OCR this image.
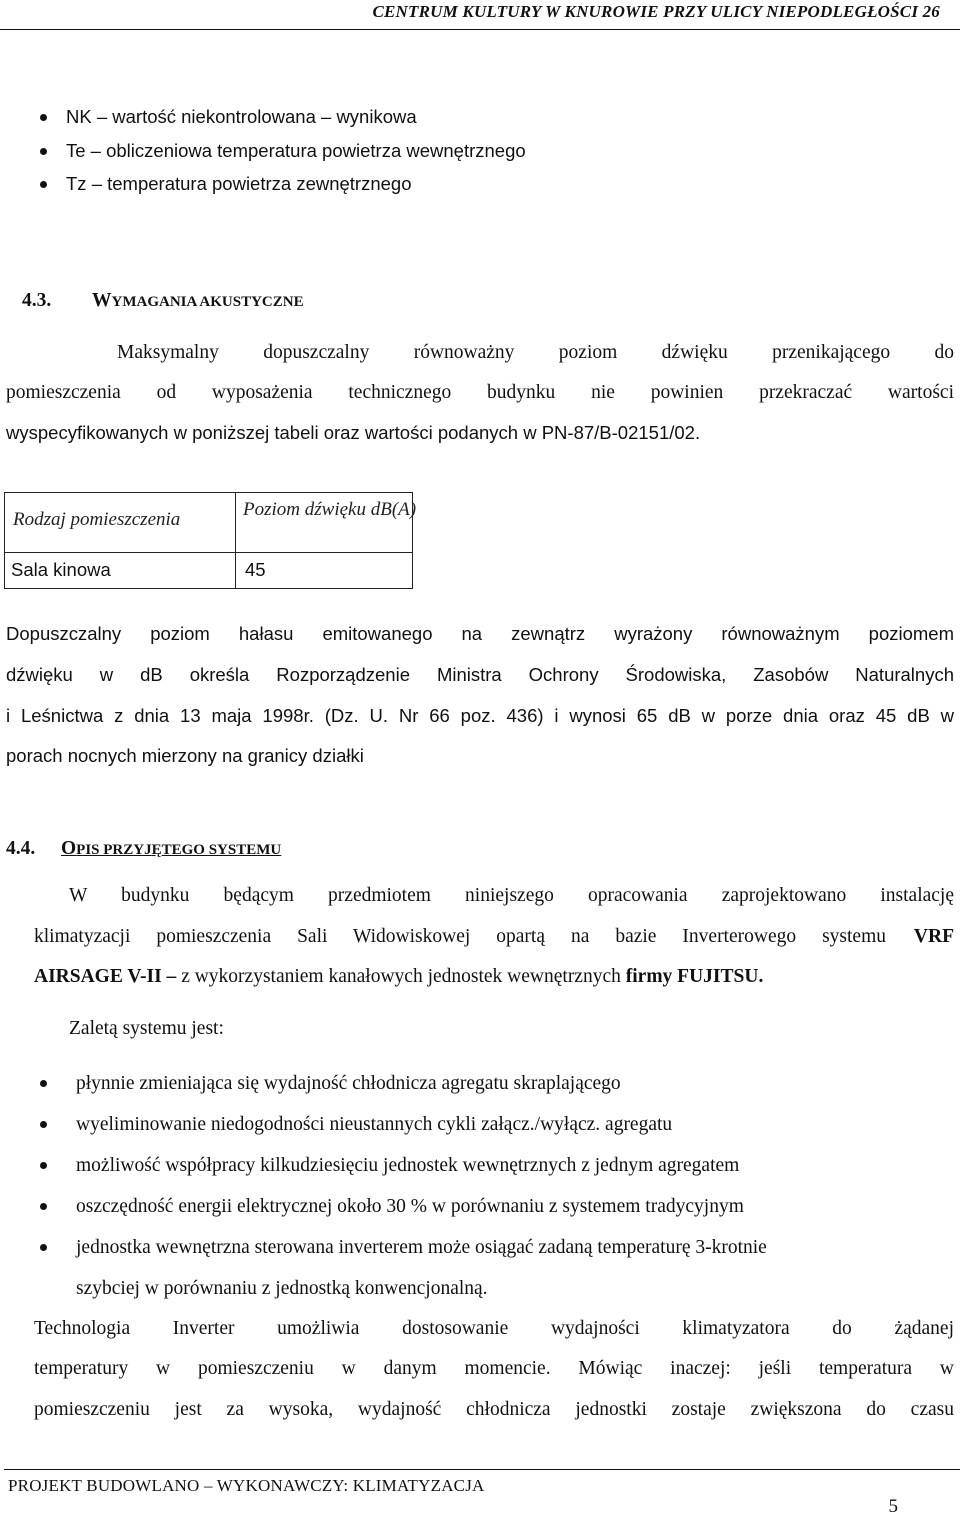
CENTRUM KULTURY W KNUROWIE PRZY ULICY NIEPODLEGŁOŚCI 26
NK – wartość niekontrolowana – wynikowa
Te – obliczeniowa temperatura powietrza wewnętrznego
Tz – temperatura powietrza zewnętrznego
4.3. WYMAGANIA AKUSTYCZNE
Maksymalny dopuszczalny równoważny poziom dźwięku przenikającego do
pomieszczenia od wyposażenia technicznego budynku nie powinien przekraczać wartości
wyspecyfikowanych w poniższej tabeli oraz wartości podanych w PN-87/B-02151/02.
Rodzaj pomieszczenia	Poziom dźwięku dB(A)
Sala kinowa	45
Dopuszczalny poziom hałasu emitowanego na zewnątrz wyrażony równoważnym poziomem
dźwięku w dB określa Rozporządzenie Ministra Ochrony Środowiska, Zasobów Naturalnych
i Leśnictwa z dnia 13 maja 1998r. (Dz. U. Nr 66 poz. 436) i wynosi 65 dB w porze dnia oraz 45 dB w
porach nocnych mierzony na granicy działki
4.4. OPIS PRZYJĘTEGO SYSTEMU
W budynku będącym przedmiotem niniejszego opracowania zaprojektowano instalację
klimatyzacji pomieszczenia Sali Widowiskowej opartą na bazie Inverterowego systemu VRF
AIRSAGE V-II – z wykorzystaniem kanałowych jednostek wewnętrznych firmy FUJITSU.
Zaletą systemu jest:
płynnie zmieniająca się wydajność chłodnicza agregatu skraplającego
wyeliminowanie niedogodności nieustannych cykli załącz./wyłącz. agregatu
możliwość współpracy kilkudziesięciu jednostek wewnętrznych z jednym agregatem
oszczędność energii elektrycznej około 30 % w porównaniu z systemem tradycyjnym
jednostka wewnętrzna sterowana inverterem może osiągać zadaną temperaturę 3-krotnie
szybciej w porównaniu z jednostką konwencjonalną.
Technologia Inverter umożliwia dostosowanie wydajności klimatyzatora do żądanej
temperatury w pomieszczeniu w danym momencie. Mówiąc inaczej: jeśli temperatura w
pomieszczeniu jest za wysoka, wydajność chłodnicza jednostki zostaje zwiększona do czasu
PROJEKT BUDOWLANO – WYKONAWCZY: KLIMATYZACJA
5
